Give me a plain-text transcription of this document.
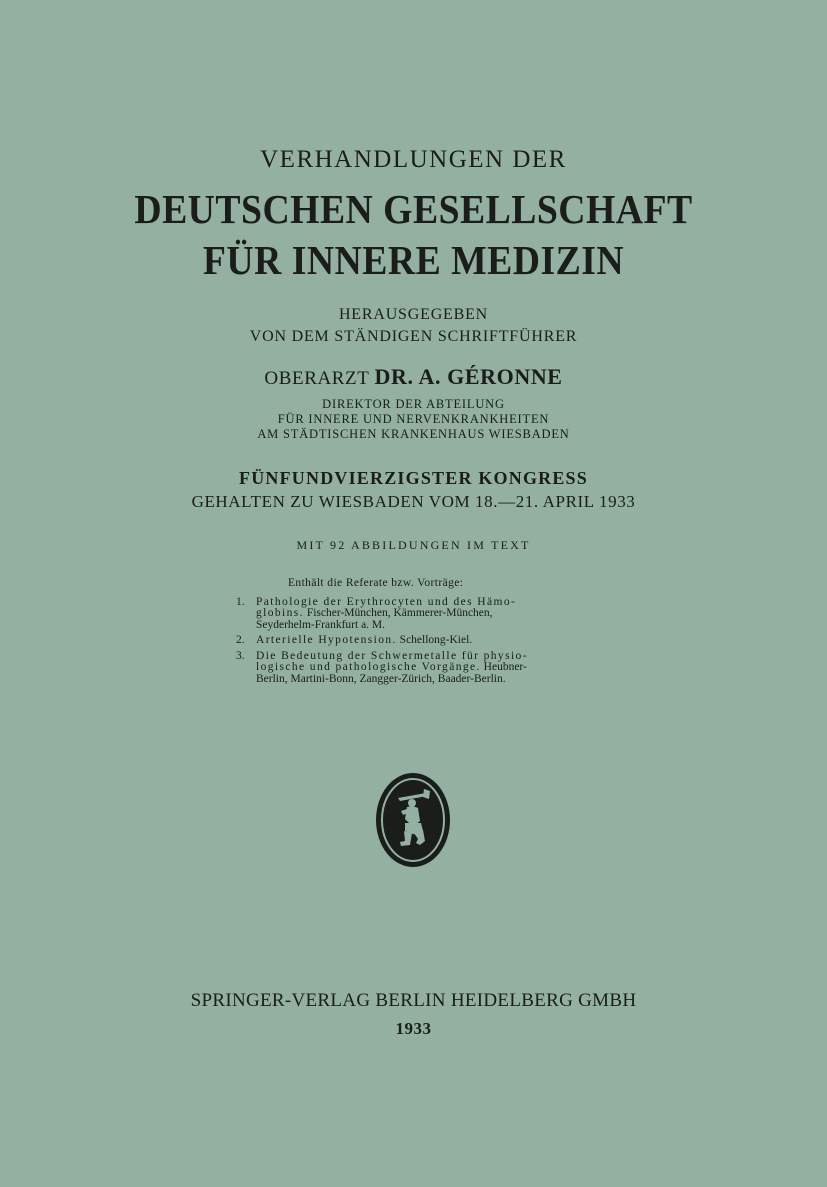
VERHANDLUNGEN DER
DEUTSCHEN GESELLSCHAFT
FÜR INNERE MEDIZIN
HERAUSGEGEBEN
VON DEM STÄNDIGEN SCHRIFTFÜHRER
OBERARZT DR. A. GÉRONNE
DIREKTOR DER ABTEILUNG
FÜR INNERE UND NERVENKRANKHEITEN
AM STÄDTISCHEN KRANKENHAUS WIESBADEN
FÜNFUNDVIERZIGSTER KONGRESS
GEHALTEN ZU WIESBADEN VOM 18.—21. APRIL 1933
MIT 92 ABBILDUNGEN IM TEXT
Enthält die Referate bzw. Vorträge:
1. Pathologie der Erythrocyten und des Hämo-
globins. Fischer-München, Kämmerer-München,
Seyderhelm-Frankfurt a. M.
2. Arterielle Hypotension. Schellong-Kiel.
3. Die Bedeutung der Schwermetalle für physio-
logische und pathologische Vorgänge. Heubner-
Berlin, Martini-Bonn, Zangger-Zürich, Baader-Berlin.
SPRINGER-VERLAG BERLIN HEIDELBERG GMBH
1933
